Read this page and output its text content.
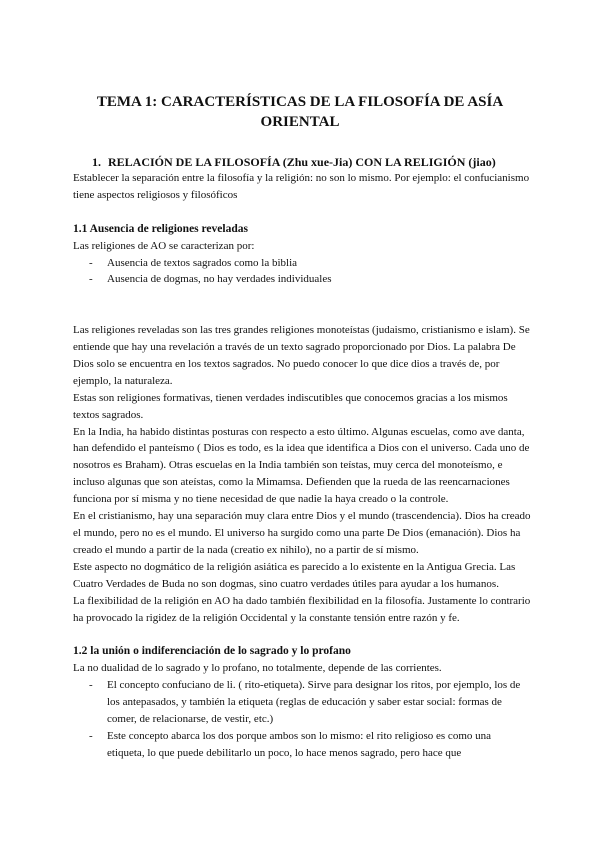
TEMA 1: CARACTERÍSTICAS DE LA FILOSOFÍA DE ASÍA ORIENTAL
1. RELACIÓN DE LA FILOSOFÍA (Zhu xue-Jia) CON LA RELIGIÓN (jiao)

Establecer la separación entre la filosofía y la religión: no son lo mismo. Por ejemplo: el confucianismo tiene aspectos religiosos y filosóficos

1.1 Ausencia de religiones reveladas

Las religiones de AO se caracterizan por:

- Ausencia de textos sagrados como la biblia
- Ausencia de dogmas, no hay verdades individuales

Las religiones reveladas son las tres grandes religiones monoteístas (judaismo, cristianismo e islam). Se entiende que hay una revelación a través de un texto sagrado proporcionado por Dios. La palabra De Dios solo se encuentra en los textos sagrados. No puedo conocer lo que dice dios a través de, por ejemplo, la naturaleza.

Estas son religiones formativas, tienen verdades indiscutibles que conocemos gracias a los mismos textos sagrados.

En la India, ha habido distintas posturas con respecto a esto último. Algunas escuelas, como ave danta, han defendido el panteísmo ( Dios es todo, es la idea que identifica a Dios con el universo. Cada uno de nosotros es Braham). Otras escuelas en la India también son teístas, muy cerca del monoteísmo, e incluso algunas que son ateístas, como la Mimamsa. Defienden que la rueda de las reencarnaciones funciona por sí misma y no tiene necesidad de que nadie la haya creado o la controle.

En el cristianismo, hay una separación muy clara entre Dios y el mundo (trascendencia). Dios ha creado el mundo, pero no es el mundo. El universo ha surgido como una parte De Dios (emanación). Dios ha creado el mundo a partir de la nada (creatio ex nihilo), no a partir de sí mismo.

Este aspecto no dogmático de la religión asiática es parecido a lo existente en la Antigua Grecia. Las Cuatro Verdades de Buda no son dogmas, sino cuatro verdades útiles para ayudar a los humanos.

La flexibilidad de la religión en AO ha dado también flexibilidad en la filosofía. Justamente lo contrario ha provocado la rigidez de la religión Occidental y la constante tensión entre razón y fe.

1.2 la unión o indiferenciación de lo sagrado y lo profano

La no dualidad de lo sagrado y lo profano, no totalmente, depende de las corrientes.

- El concepto confuciano de li. ( rito-etiqueta). Sirve para designar los ritos, por ejemplo, los de los antepasados, y también la etiqueta (reglas de educación y saber estar social: formas de comer, de relacionarse, de vestir, etc.)
- Este concepto abarca los dos porque ambos son lo mismo: el rito religioso es como una etiqueta, lo que puede debilitarlo un poco, lo hace menos sagrado, pero hace que
